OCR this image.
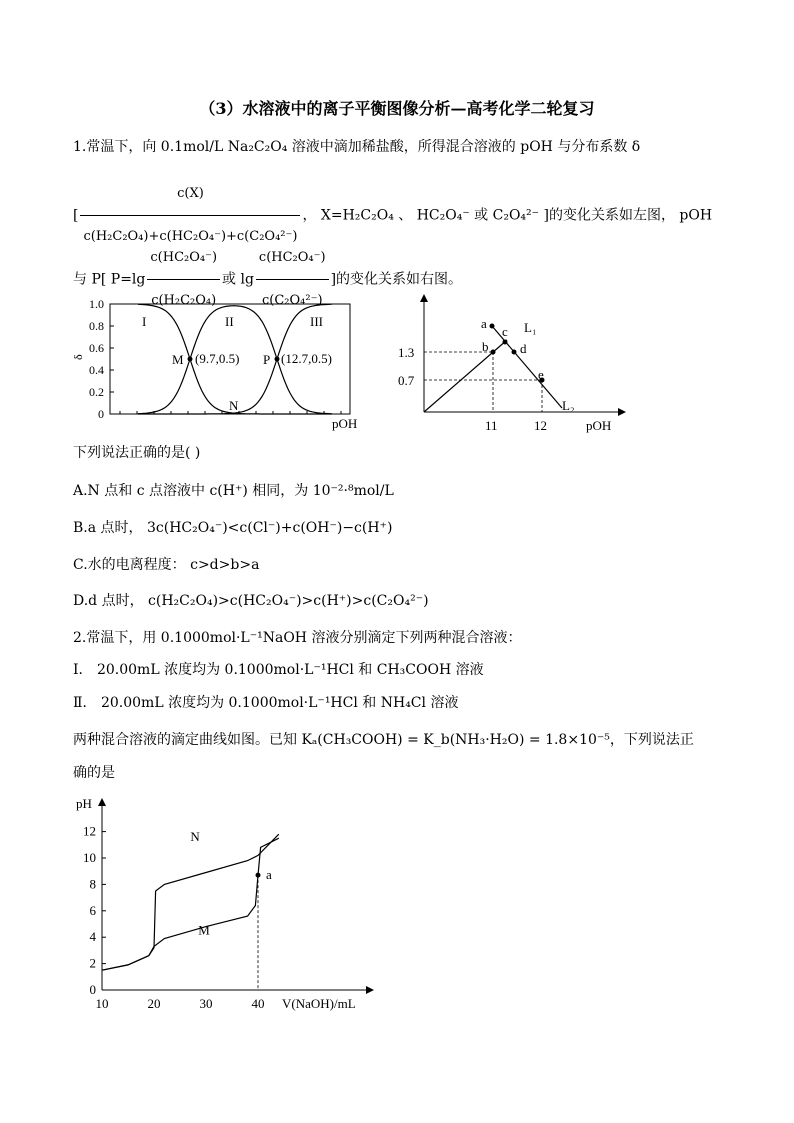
（3）水溶液中的离子平衡图像分析—高考化学二轮复习
1.常温下，向 0.1mol/L Na₂C₂O₄ 溶液中滴加稀盐酸，所得混合溶液的 pOH 与分布系数 δ
[ $\frac{c(X)}{\text{c(H₂C₂O₄)+c(HC₂O₄⁻)+c(C₂O₄²⁻)}}$ ， X=H₂C₂O₄ 、 HC₂O₄⁻ 或 C₂O₄²⁻ ]的变化关系如左图， pOH
与 P[ $P=\lg \frac{\text{c(HC₂O₄⁻)}}{\text{c(H₂C₂O₄)}}$ 或 $\lg \frac{\text{c(HC₂O₄⁻)}}{\text{c(C₂O₄²⁻)}}$ ]的变化关系如右图。
0
0.2
0.4
0.6
0.8
1.0
δ
pOH
I	II	III
M (9.7,0.5) P (12.7,0.5)
N
a
b
c
d
e
L₁
L₂
1.3
0.7
11	12	pOH
下列说法正确的是( )
A.N 点和 c 点溶液中 c(H⁺) 相同，为 10⁻²·⁸mol/L
B.a 点时， 3c(HC₂O₄⁻)<c(Cl⁻)+c(OH⁻)−c(H⁺)
C.水的电离程度： c>d>b>a
D.d 点时， c(H₂C₂O₄)>c(HC₂O₄⁻)>c(H⁺)>c(C₂O₄²⁻)
2.常温下，用 0.1000mol·L⁻¹NaOH 溶液分别滴定下列两种混合溶液：
Ⅰ． 20.00mL 浓度均为 0.1000mol·L⁻¹HCl 和 CH₃COOH 溶液
Ⅱ． 20.00mL 浓度均为 0.1000mol·L⁻¹HCl 和 NH₄Cl 溶液
两种混合溶液的滴定曲线如图。已知 Kₐ(CH₃COOH) = K_b(NH₃·H₂O) = 1.8×10⁻⁵，下列说法正
确的是
pH
V(NaOH)/mL
10	20	30	40
0
2
4
6
8
10
12	N
M
a
